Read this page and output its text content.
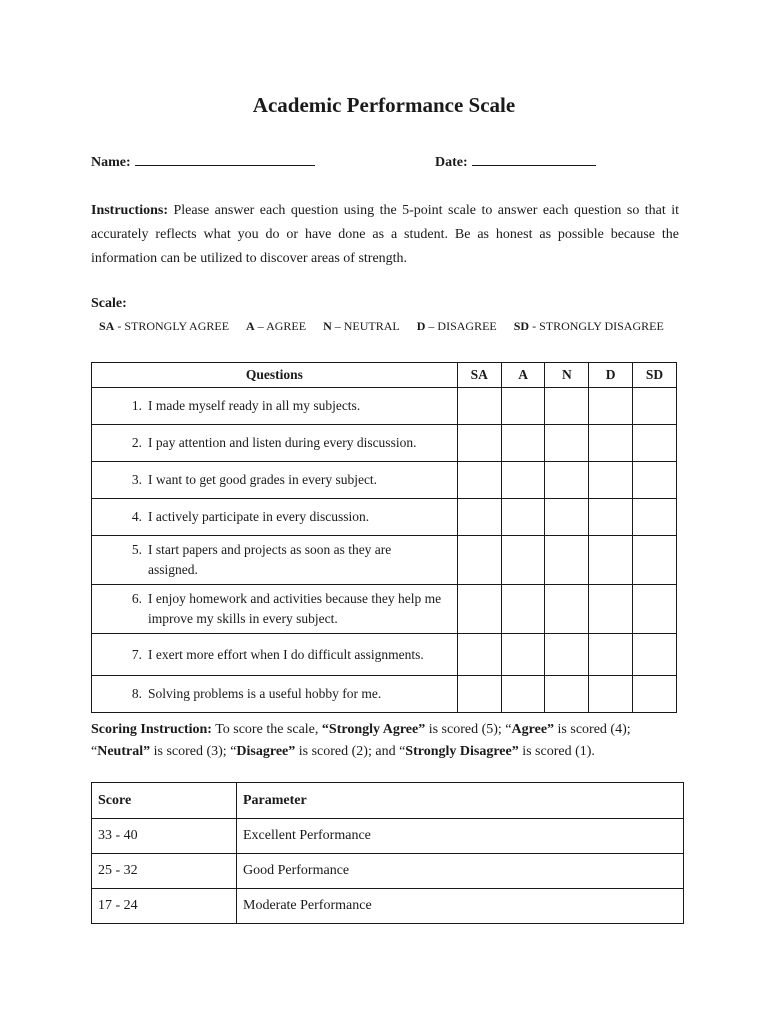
Academic Performance Scale
Name:	Date:
Instructions: Please answer each question using the 5-point scale to answer each question so that it accurately reflects what you do or have done as a student. Be as honest as possible because the information can be utilized to discover areas of strength.
Scale:
SA - STRONGLY AGREE A – AGREE N – NEUTRAL D – DISAGREE SD - STRONGLY DISAGREE
Questions	SA	A	N	D	SD
1. I made myself ready in all my subjects.					
2. I pay attention and listen during every discussion.					
3. I want to get good grades in every subject.					
4. I actively participate in every discussion.					
5. I start papers and projects as soon as they are assigned.					
6. I enjoy homework and activities because they help me improve my skills in every subject.					
7. I exert more effort when I do difficult assignments.					
8. Solving problems is a useful hobby for me.					
Scoring Instruction: To score the scale, “Strongly Agree” is scored (5); “Agree” is scored (4); “Neutral” is scored (3); “Disagree” is scored (2); and “Strongly Disagree” is scored (1).
Score	Parameter
33 - 40	Excellent Performance
25 - 32	Good Performance
17 - 24	Moderate Performance
